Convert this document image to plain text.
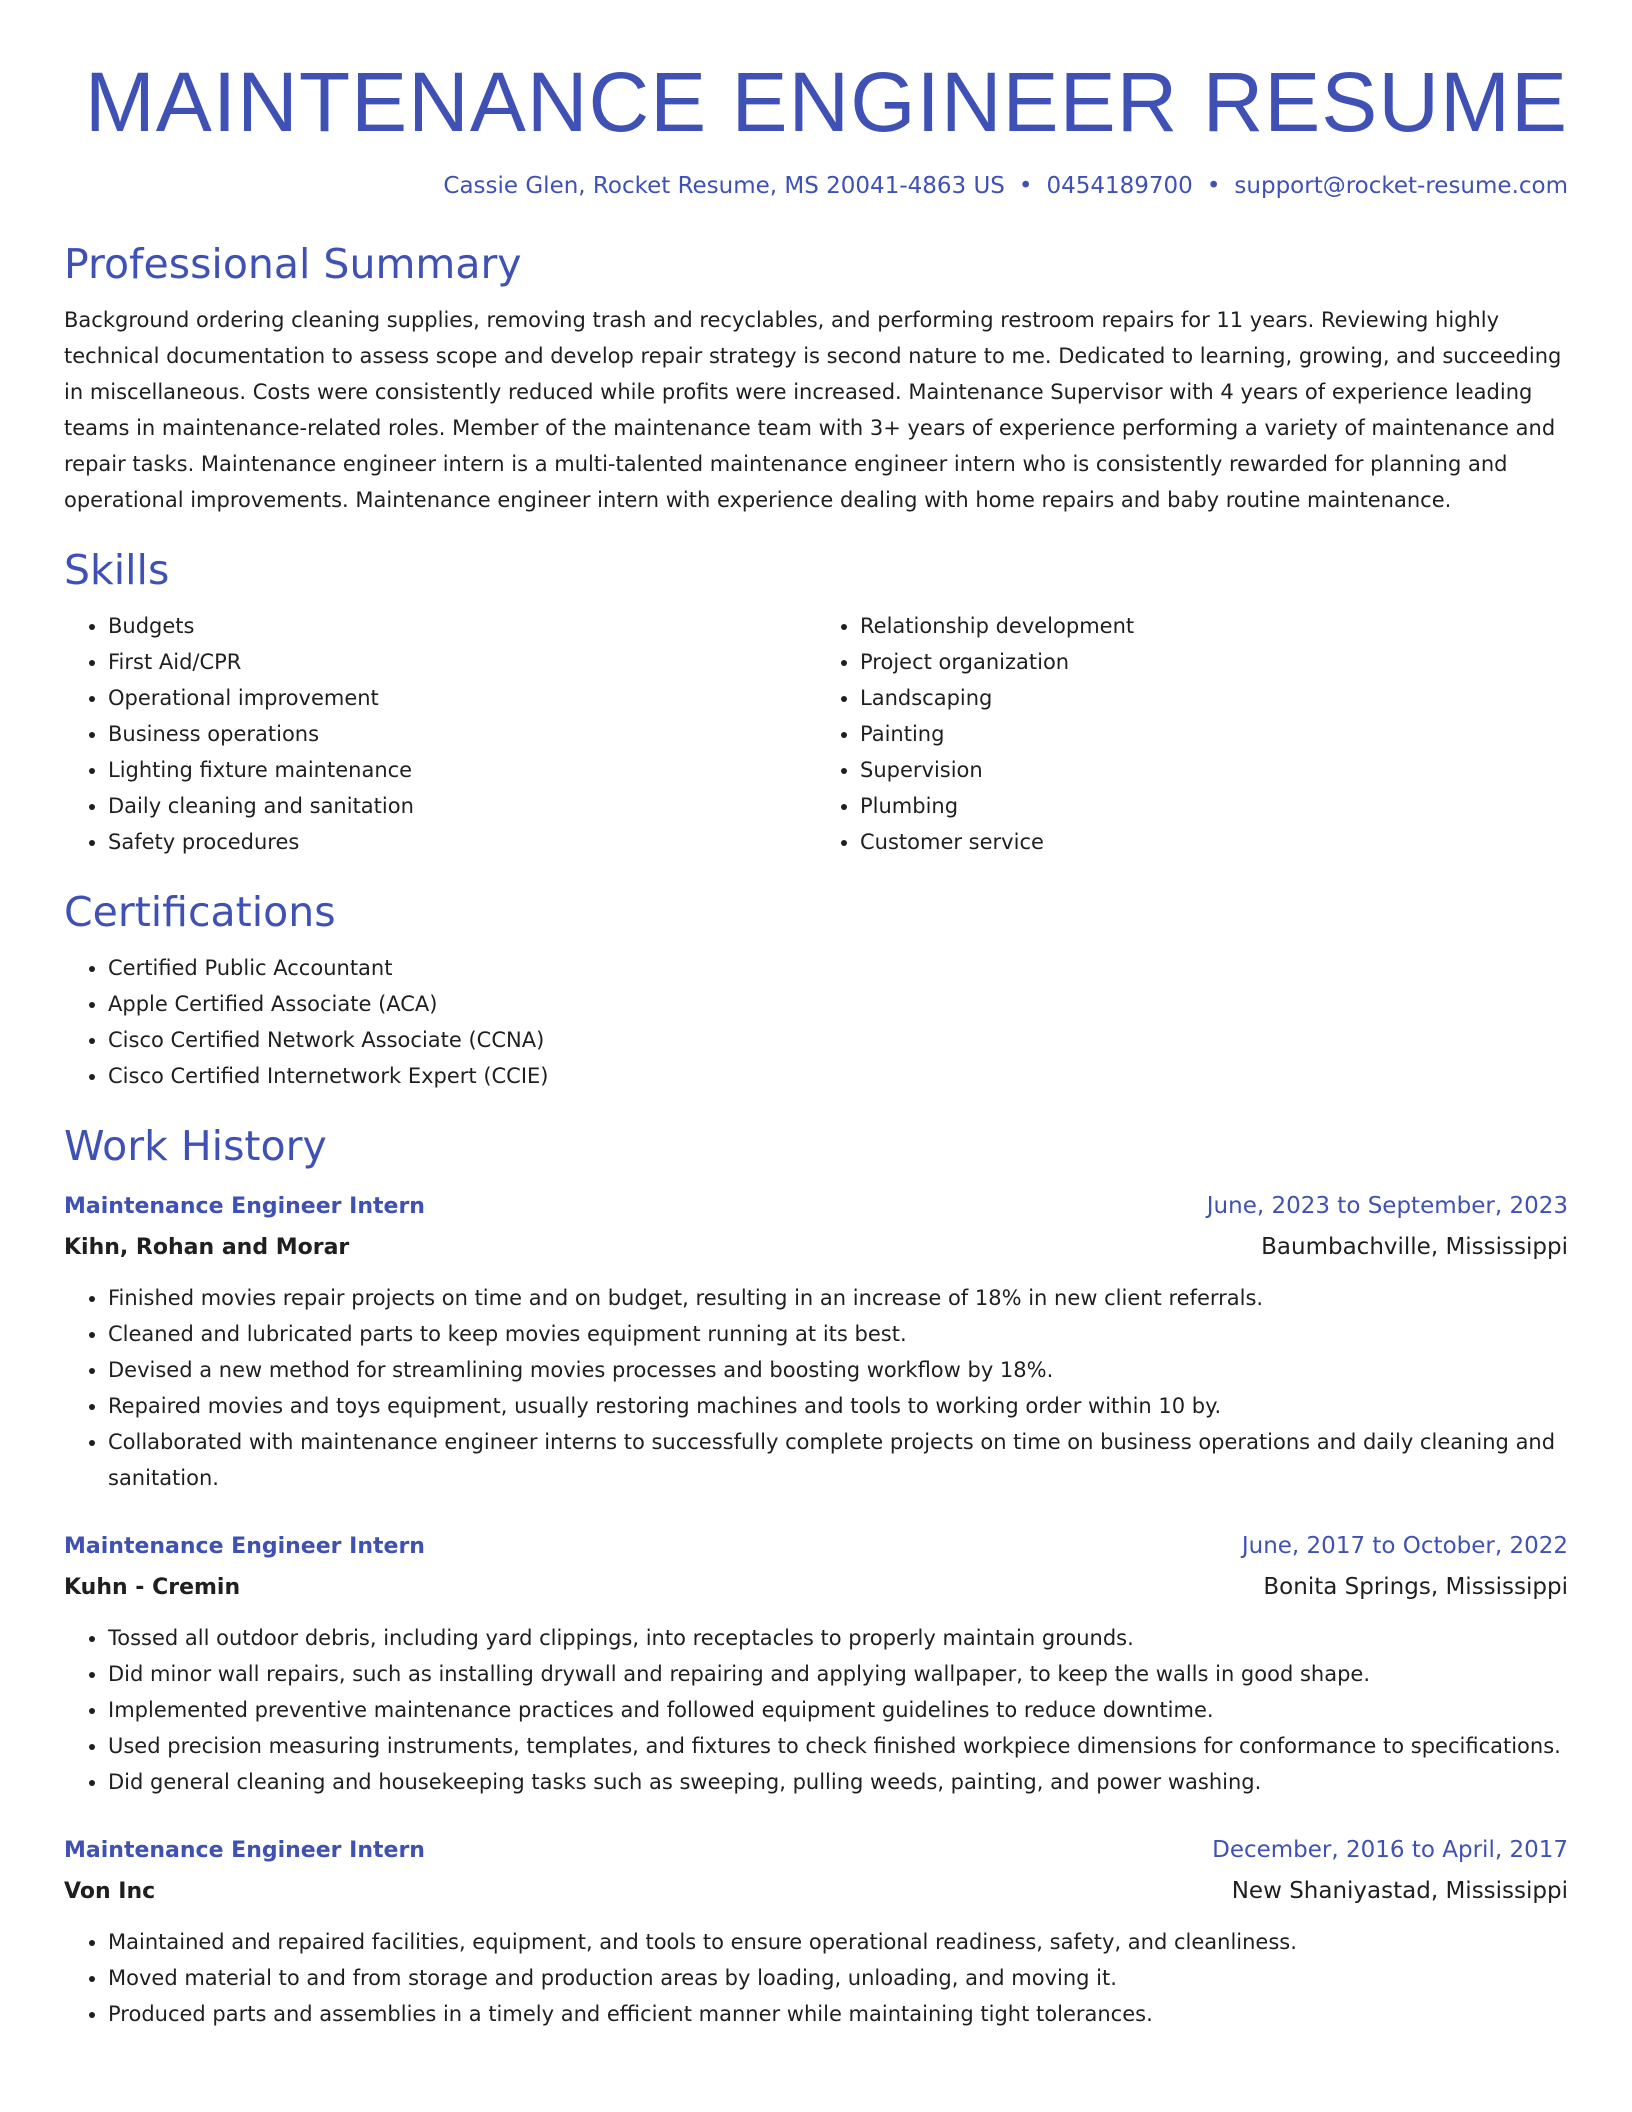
MAINTENANCE ENGINEER RESUME
Cassie Glen, Rocket Resume, MS 20041-4863 US • 0454189700 • support@rocket-resume.com
Professional Summary

Background ordering cleaning supplies, removing trash and recyclables, and performing restroom repairs for 11 years. Reviewing highly technical documentation to assess scope and develop repair strategy is second nature to me. Dedicated to learning, growing, and succeeding in miscellaneous. Costs were consistently reduced while profits were increased. Maintenance Supervisor with 4 years of experience leading teams in maintenance-related roles. Member of the maintenance team with 3+ years of experience performing a variety of maintenance and repair tasks. Maintenance engineer intern is a multi-talented maintenance engineer intern who is consistently rewarded for planning and operational improvements. Maintenance engineer intern with experience dealing with home repairs and baby routine maintenance.

Skills
• Budgets
• First Aid/CPR
• Operational improvement
• Business operations
• Lighting fixture maintenance
• Daily cleaning and sanitation
• Safety procedures
• Relationship development
• Project organization
• Landscaping
• Painting
• Supervision
• Plumbing
• Customer service
Certifications
• Certified Public Accountant
• Apple Certified Associate (ACA)
• Cisco Certified Network Associate (CCNA)
• Cisco Certified Internetwork Expert (CCIE)
Work History
Maintenance Engineer Intern	June, 2023 to September, 2023
Kihn, Rohan and Morar	Baumbachville, Mississippi
• Finished movies repair projects on time and on budget, resulting in an increase of 18% in new client referrals.
• Cleaned and lubricated parts to keep movies equipment running at its best.
• Devised a new method for streamlining movies processes and boosting workflow by 18%.
• Repaired movies and toys equipment, usually restoring machines and tools to working order within 10 by.
• Collaborated with maintenance engineer interns to successfully complete projects on time on business operations and daily cleaning and sanitation.
Maintenance Engineer Intern	June, 2017 to October, 2022
Kuhn - Cremin	Bonita Springs, Mississippi
• Tossed all outdoor debris, including yard clippings, into receptacles to properly maintain grounds.
• Did minor wall repairs, such as installing drywall and repairing and applying wallpaper, to keep the walls in good shape.
• Implemented preventive maintenance practices and followed equipment guidelines to reduce downtime.
• Used precision measuring instruments, templates, and fixtures to check finished workpiece dimensions for conformance to specifications.
• Did general cleaning and housekeeping tasks such as sweeping, pulling weeds, painting, and power washing.
Maintenance Engineer Intern	December, 2016 to April, 2017
Von Inc	New Shaniyastad, Mississippi
• Maintained and repaired facilities, equipment, and tools to ensure operational readiness, safety, and cleanliness.
• Moved material to and from storage and production areas by loading, unloading, and moving it.
• Produced parts and assemblies in a timely and efficient manner while maintaining tight tolerances.
